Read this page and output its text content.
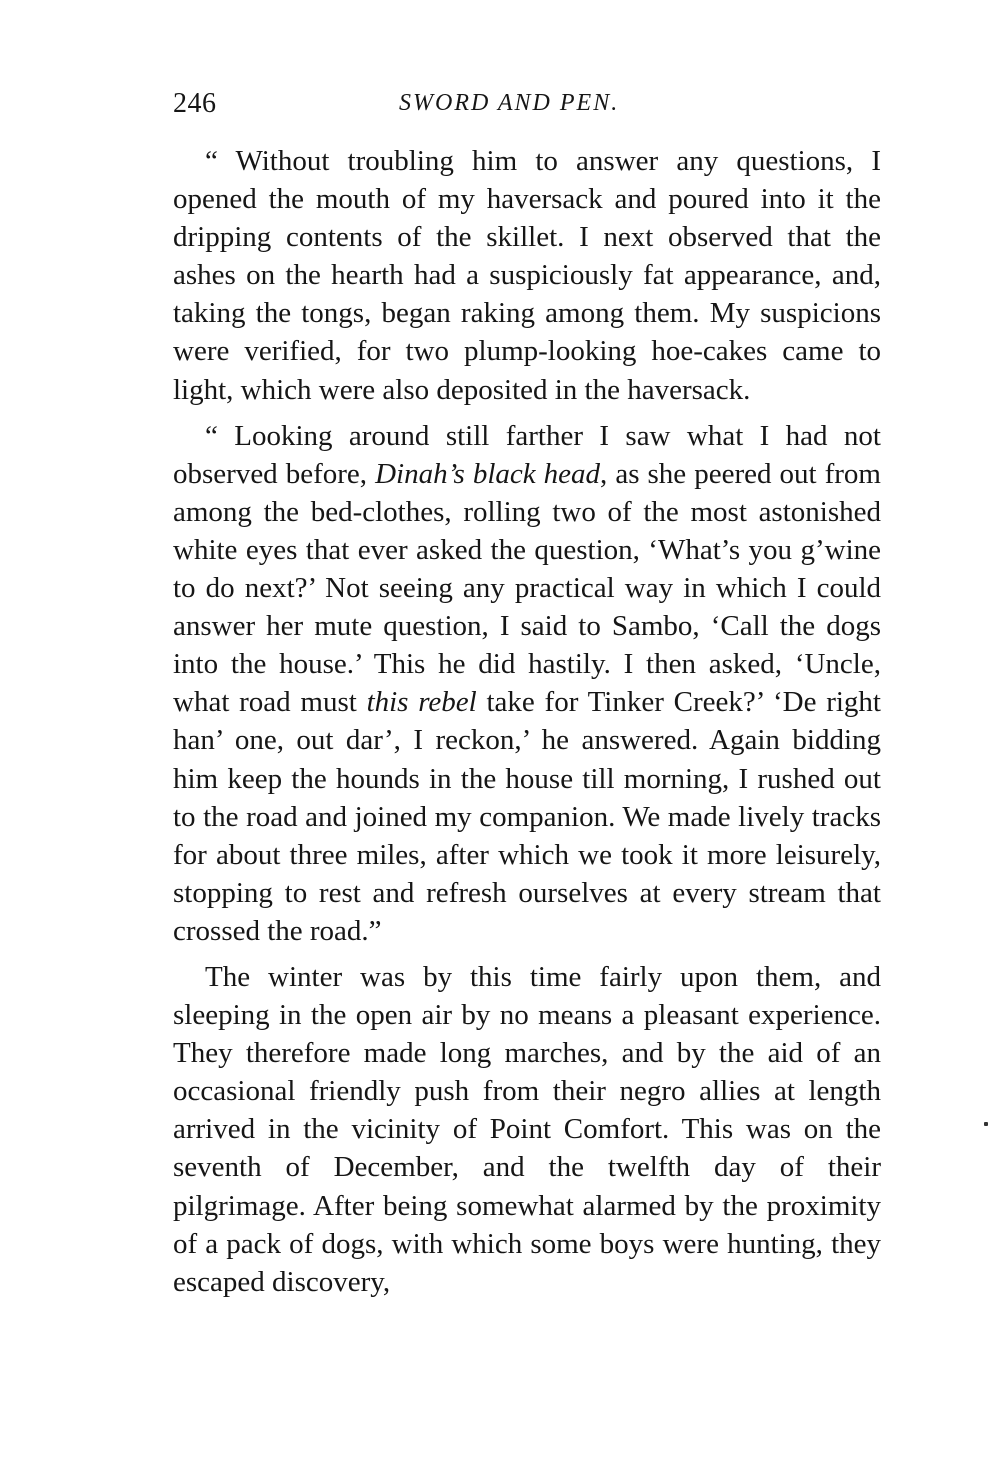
246	SWORD AND PEN.

“ Without troubling him to answer any questions, I opened the mouth of my haversack and poured into it the dripping contents of the skillet. I next observed that the ashes on the hearth had a suspiciously fat appearance, and, taking the tongs, began raking among them. My suspicions were verified, for two plump-looking hoe-cakes came to light, which were also deposited in the haversack.

“ Looking around still farther I saw what I had not observed before, Dinah’s black head, as she peered out from among the bed-clothes, rolling two of the most astonished white eyes that ever asked the question, ‘What’s you g’wine to do next?’ Not seeing any practical way in which I could answer her mute question, I said to Sambo, ‘Call the dogs into the house.’ This he did hastily. I then asked, ‘Uncle, what road must this rebel take for Tinker Creek?’ ‘De right han’ one, out dar’, I reckon,’ he answered. Again bidding him keep the hounds in the house till morning, I rushed out to the road and joined my companion. We made lively tracks for about three miles, after which we took it more leisurely, stopping to rest and refresh ourselves at every stream that crossed the road.”

The winter was by this time fairly upon them, and sleeping in the open air by no means a pleasant experience. They therefore made long marches, and by the aid of an occasional friendly push from their negro allies at length arrived in the vicinity of Point Comfort. This was on the seventh of December, and the twelfth day of their pilgrimage. After being somewhat alarmed by the proximity of a pack of dogs, with which some boys were hunting, they escaped discovery,
